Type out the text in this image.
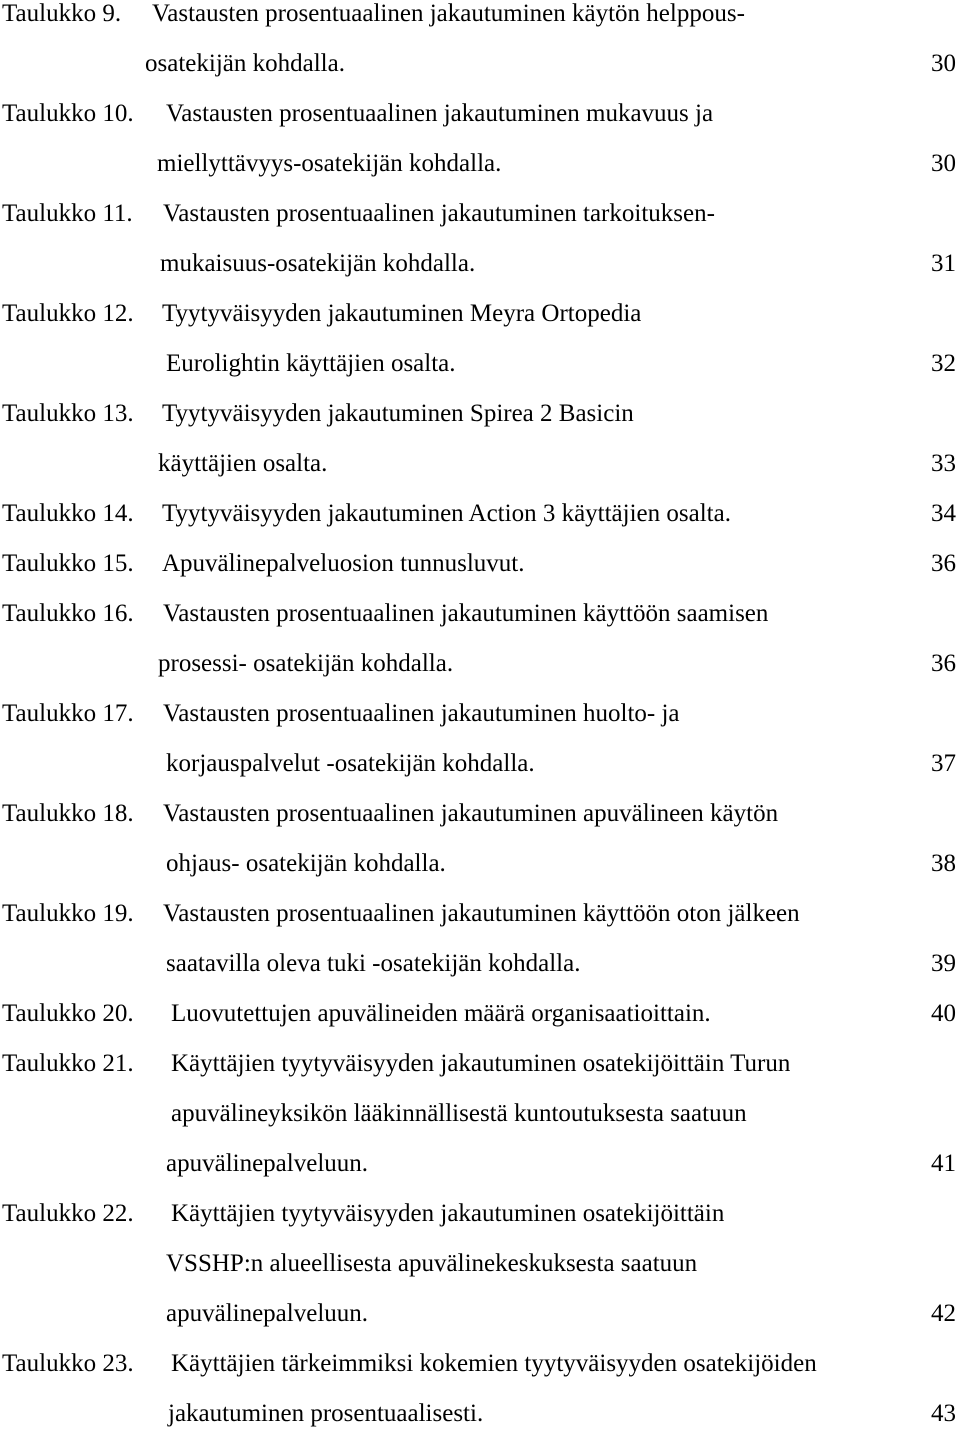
Taulukko 9. Vastausten prosentuaalinen jakautuminen käytön helppous-
osatekijän kohdalla.	30
Taulukko 10. Vastausten prosentuaalinen jakautuminen mukavuus ja
miellyttävyys-osatekijän kohdalla.	30
Taulukko 11. Vastausten prosentuaalinen jakautuminen tarkoituksen-
mukaisuus-osatekijän kohdalla.	31
Taulukko 12. Tyytyväisyyden jakautuminen Meyra Ortopedia
Eurolightin käyttäjien osalta.	32
Taulukko 13. Tyytyväisyyden jakautuminen Spirea 2 Basicin
käyttäjien osalta.	33
Taulukko 14. Tyytyväisyyden jakautuminen Action 3 käyttäjien osalta.	34
Taulukko 15. Apuvälinepalveluosion tunnusluvut.	36
Taulukko 16. Vastausten prosentuaalinen jakautuminen käyttöön saamisen
prosessi- osatekijän kohdalla.	36
Taulukko 17. Vastausten prosentuaalinen jakautuminen huolto- ja
korjauspalvelut -osatekijän kohdalla.	37
Taulukko 18. Vastausten prosentuaalinen jakautuminen apuvälineen käytön
ohjaus- osatekijän kohdalla.	38
Taulukko 19. Vastausten prosentuaalinen jakautuminen käyttöön oton jälkeen
saatavilla oleva tuki -osatekijän kohdalla.	39
Taulukko 20. Luovutettujen apuvälineiden määrä organisaatioittain.	40
Taulukko 21. Käyttäjien tyytyväisyyden jakautuminen osatekijöittäin Turun
apuvälineyksikön lääkinnällisestä kuntoutuksesta saatuun
apuvälinepalveluun.	41
Taulukko 22. Käyttäjien tyytyväisyyden jakautuminen osatekijöittäin
VSSHP:n alueellisesta apuvälinekeskuksesta saatuun
apuvälinepalveluun.	42
Taulukko 23. Käyttäjien tärkeimmiksi kokemien tyytyväisyyden osatekijöiden
jakautuminen prosentuaalisesti.	43
